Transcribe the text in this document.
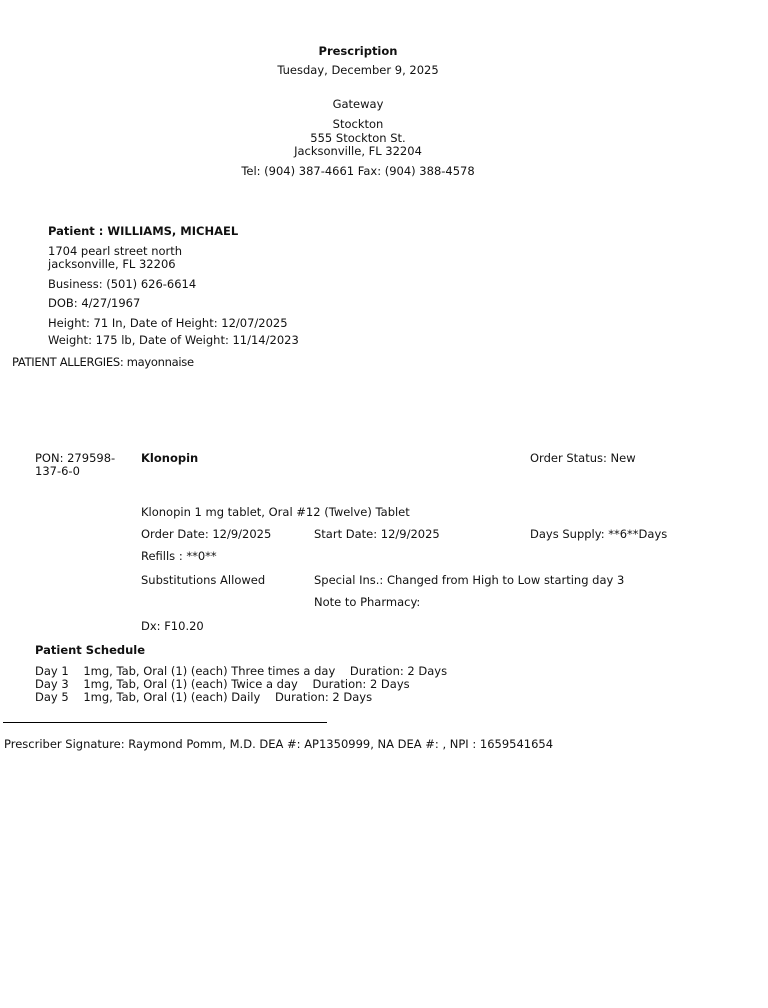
Prescription
Tuesday, December 9, 2025
Gateway
Stockton
555 Stockton St.
Jacksonville, FL 32204
Tel: (904) 387-4661 Fax: (904) 388-4578
Patient : WILLIAMS, MICHAEL
1704 pearl street north
jacksonville, FL 32206
Business: (501) 626-6614
DOB: 4/27/1967
Height: 71 In, Date of Height: 12/07/2025
Weight: 175 lb, Date of Weight: 11/14/2023
PATIENT ALLERGIES: mayonnaise
PON: 279598-
137-6-0
Klonopin	Order Status: New
Klonopin 1 mg tablet, Oral #12 (Twelve) Tablet
Order Date: 12/9/2025	Start Date: 12/9/2025	Days Supply: **6**Days
Refills : **0**
Substitutions Allowed	Special Ins.: Changed from High to Low starting day 3
Note to Pharmacy:
Dx: F10.20
Patient Schedule
Day 1 1mg, Tab, Oral (1) (each) Three times a day Duration: 2 Days
Day 3 1mg, Tab, Oral (1) (each) Twice a day Duration: 2 Days
Day 5 1mg, Tab, Oral (1) (each) Daily Duration: 2 Days
Prescriber Signature: Raymond Pomm, M.D. DEA #: AP1350999, NA DEA #: , NPI : 1659541654
